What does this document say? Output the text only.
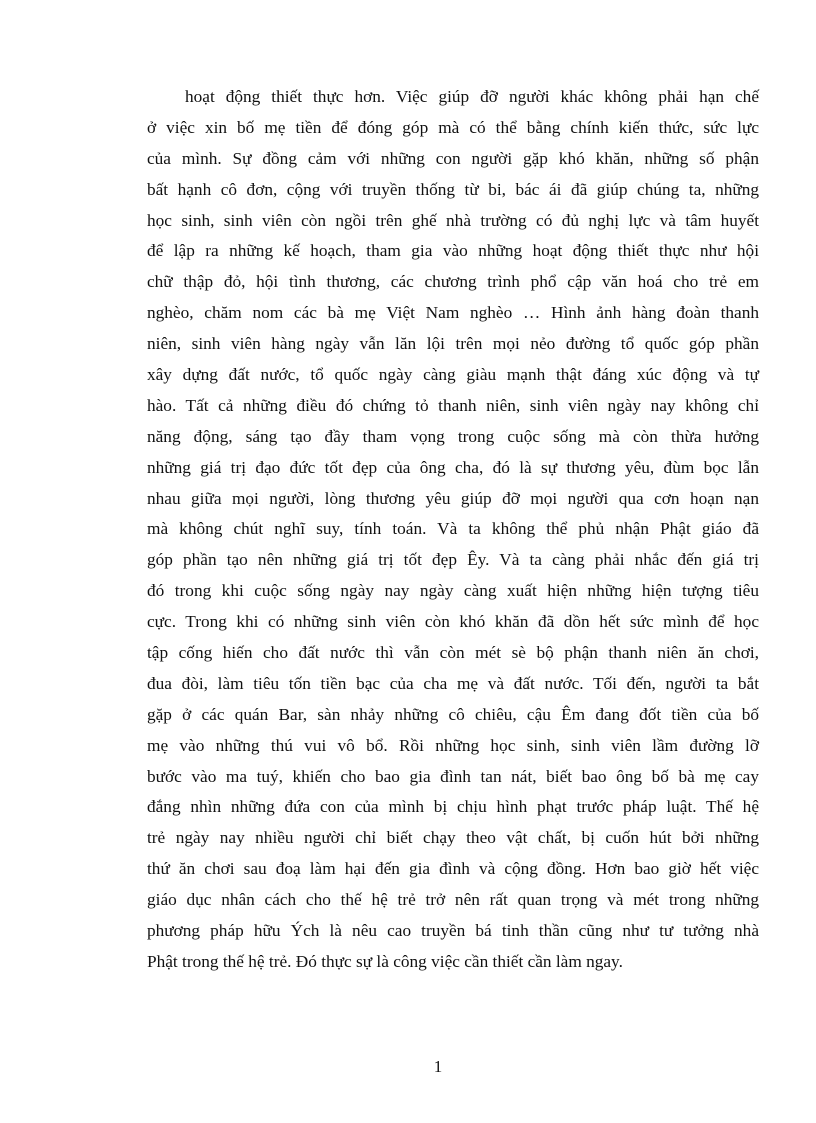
hoạt động thiết thực hơn. Việc giúp đỡ người khác không phải hạn chế
ở việc xin bố mẹ tiền để đóng góp mà có thể bằng chính kiến thức, sức lực
của mình. Sự đồng cảm với những con người gặp khó khăn, những số phận
bất hạnh cô đơn, cộng với truyền thống từ bi, bác ái đã giúp chúng ta, những
học sinh, sinh viên còn ngồi trên ghế nhà trường có đủ nghị lực và tâm huyết
để lập ra những kế hoạch, tham gia vào những hoạt động thiết thực như hội
chữ thập đỏ, hội tình thương, các chương trình phổ cập văn hoá cho trẻ em
nghèo, chăm nom các bà mẹ Việt Nam nghèo … Hình ảnh hàng đoàn thanh
niên, sinh viên hàng ngày vẫn lăn lội trên mọi nẻo đường tổ quốc góp phần
xây dựng đất nước, tổ quốc ngày càng giàu mạnh thật đáng xúc động và tự
hào. Tất cả những điều đó chứng tỏ thanh niên, sinh viên ngày nay không chỉ
năng động, sáng tạo đầy tham vọng trong cuộc sống mà còn thừa hưởng
những giá trị đạo đức tốt đẹp của ông cha, đó là sự thương yêu, đùm bọc lẫn
nhau giữa mọi người, lòng thương yêu giúp đỡ mọi người qua cơn hoạn nạn
mà không chút nghĩ suy, tính toán. Và ta không thể phủ nhận Phật giáo đã
góp phần tạo nên những giá trị tốt đẹp Êy. Và ta càng phải nhắc đến giá trị
đó trong khi cuộc sống ngày nay ngày càng xuất hiện những hiện tượng tiêu
cực. Trong khi có những sinh viên còn khó khăn đã dồn hết sức mình để học
tập cống hiến cho đất nước thì vẫn còn mét sè bộ phận thanh niên ăn chơi,
đua đòi, làm tiêu tốn tiền bạc của cha mẹ và đất nước. Tối đến, người ta bắt
gặp ở các quán Bar, sàn nhảy những cô chiêu, cậu Êm đang đốt tiền của bố
mẹ vào những thú vui vô bổ. Rồi những học sinh, sinh viên lầm đường lỡ
bước vào ma tuý, khiến cho bao gia đình tan nát, biết bao ông bố bà mẹ cay
đắng nhìn những đứa con của mình bị chịu hình phạt trước pháp luật. Thế hệ
trẻ ngày nay nhiều người chỉ biết chạy theo vật chất, bị cuốn hút bởi những
thứ ăn chơi sau đoạ làm hại đến gia đình và cộng đồng. Hơn bao giờ hết việc
giáo dục nhân cách cho thế hệ trẻ trở nên rất quan trọng và mét trong những
phương pháp hữu Ých là nêu cao truyền bá tinh thần cũng như tư tưởng nhà
Phật trong thế hệ trẻ. Đó thực sự là công việc cần thiết cần làm ngay.
1
